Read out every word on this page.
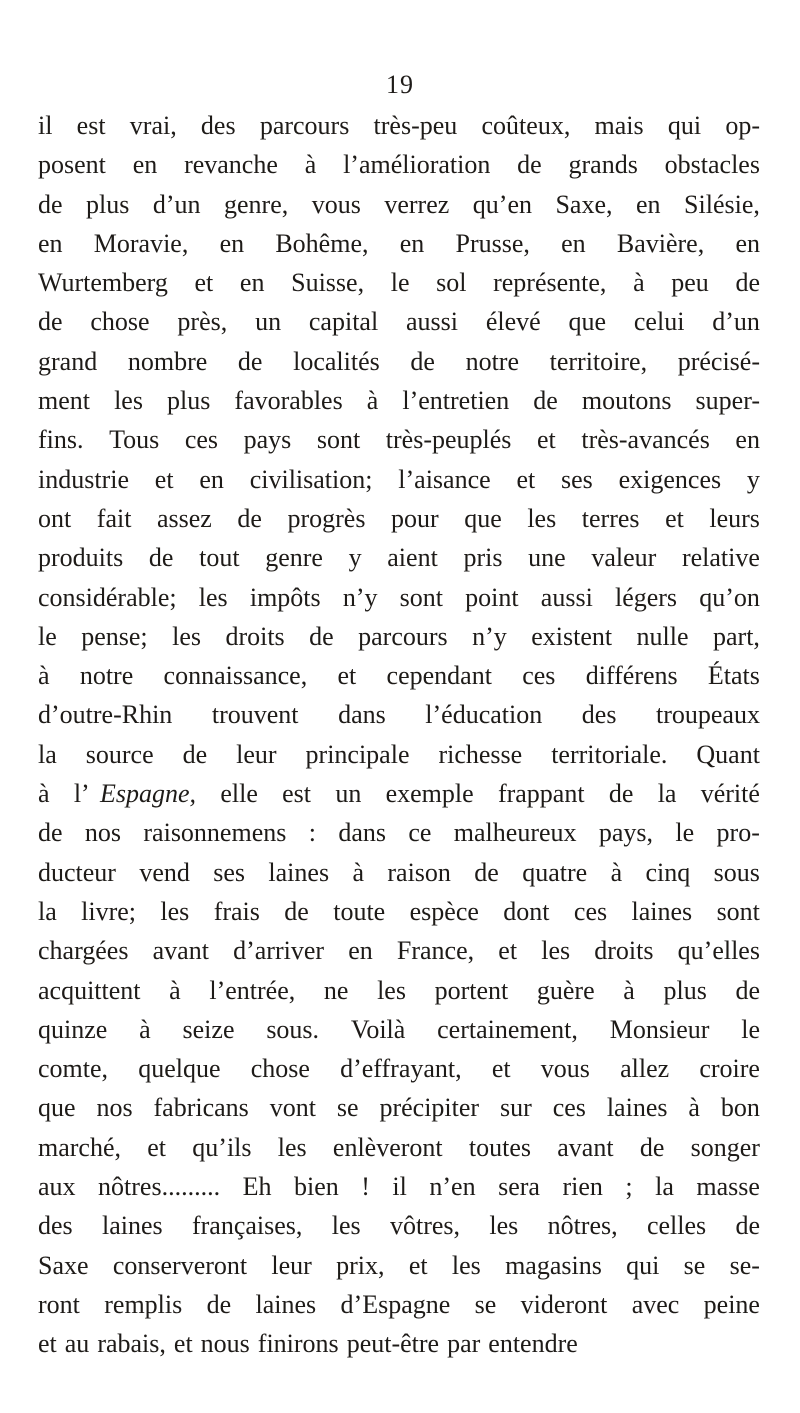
19
il est vrai, des parcours très-peu coûteux, mais qui op-
posent en revanche à l’amélioration de grands obstacles
de plus d’un genre, vous verrez qu’en Saxe, en Silésie,
en Moravie, en Bohême, en Prusse, en Bavière, en
Wurtemberg et en Suisse, le sol représente, à peu de
de chose près, un capital aussi élevé que celui d’un
grand nombre de localités de notre territoire, précisé-
ment les plus favorables à l’entretien de moutons super-
fins. Tous ces pays sont très-peuplés et très-avancés en
industrie et en civilisation; l’aisance et ses exigences y
ont fait assez de progrès pour que les terres et leurs
produits de tout genre y aient pris une valeur relative
considérable; les impôts n’y sont point aussi légers qu’on
le pense; les droits de parcours n’y existent nulle part,
à notre connaissance, et cependant ces différens États
d’outre-Rhin trouvent dans l’éducation des troupeaux
la source de leur principale richesse territoriale. Quant
à l’ Espagne, elle est un exemple frappant de la vérité
de nos raisonnemens : dans ce malheureux pays, le pro-
ducteur vend ses laines à raison de quatre à cinq sous
la livre; les frais de toute espèce dont ces laines sont
chargées avant d’arriver en France, et les droits qu’elles
acquittent à l’entrée, ne les portent guère à plus de
quinze à seize sous. Voilà certainement, Monsieur le
comte, quelque chose d’effrayant, et vous allez croire
que nos fabricans vont se précipiter sur ces laines à bon
marché, et qu’ils les enlèveront toutes avant de songer
aux nôtres......... Eh bien ! il n’en sera rien ; la masse
des laines françaises, les vôtres, les nôtres, celles de
Saxe conserveront leur prix, et les magasins qui se se-
ront remplis de laines d’Espagne se videront avec peine
et au rabais, et nous finirons peut-être par entendre
